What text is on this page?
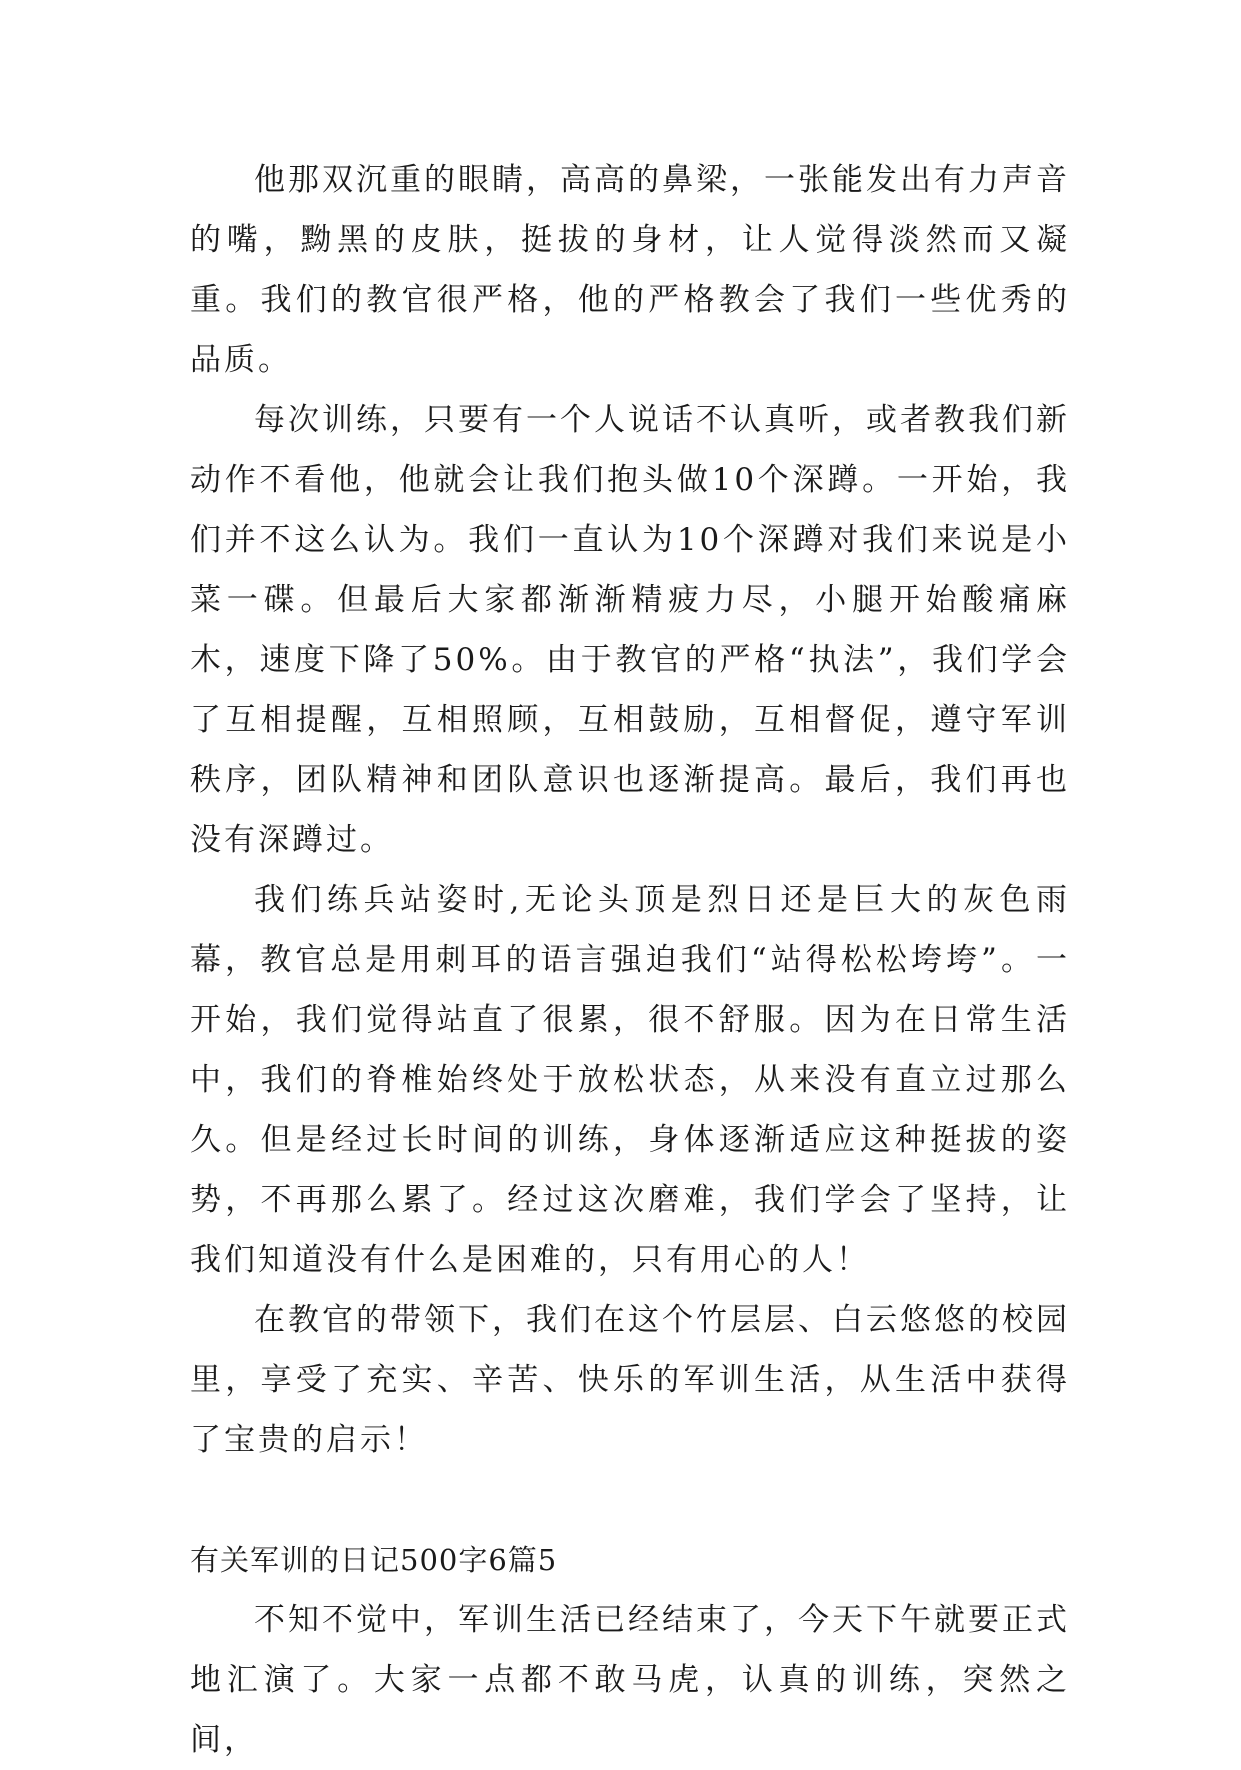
他那双沉重的眼睛，高高的鼻梁，一张能发出有力声音的嘴，黝黑的皮肤，挺拔的身材，让人觉得淡然而又凝重。我们的教官很严格，他的严格教会了我们一些优秀的品质。

每次训练，只要有一个人说话不认真听，或者教我们新动作不看他，他就会让我们抱头做10个深蹲。一开始，我们并不这么认为。我们一直认为10个深蹲对我们来说是小菜一碟。但最后大家都渐渐精疲力尽，小腿开始酸痛麻木，速度下降了50%。由于教官的严格“执法”，我们学会了互相提醒，互相照顾，互相鼓励，互相督促，遵守军训秩序，团队精神和团队意识也逐渐提高。最后，我们再也没有深蹲过。

我们练兵站姿时,无论头顶是烈日还是巨大的灰色雨幕，教官总是用刺耳的语言强迫我们“站得松松垮垮”。一开始，我们觉得站直了很累，很不舒服。因为在日常生活中，我们的脊椎始终处于放松状态，从来没有直立过那么久。但是经过长时间的训练，身体逐渐适应这种挺拔的姿势，不再那么累了。经过这次磨难，我们学会了坚持，让我们知道没有什么是困难的，只有用心的人！

在教官的带领下，我们在这个竹层层、白云悠悠的校园里，享受了充实、辛苦、快乐的军训生活，从生活中获得了宝贵的启示！

有关军训的日记500字6篇5

不知不觉中，军训生活已经结束了，今天下午就要正式地汇演了。大家一点都不敢马虎，认真的训练，突然之间，
